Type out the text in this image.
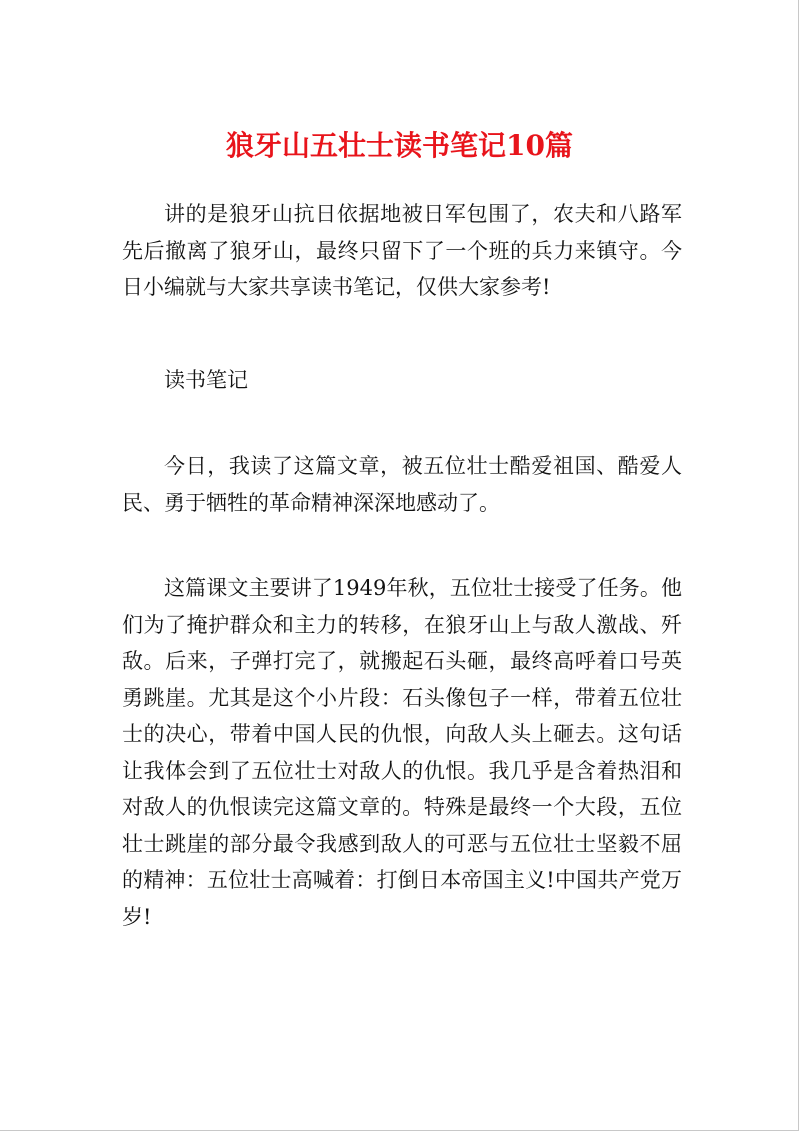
狼牙山五壮士读书笔记10篇

讲的是狼牙山抗日依据地被日军包围了，农夫和八路军先后撤离了狼牙山，最终只留下了一个班的兵力来镇守。今日小编就与大家共享读书笔记，仅供大家参考!

读书笔记

今日，我读了这篇文章，被五位壮士酷爱祖国、酷爱人民、勇于牺牲的革命精神深深地感动了。

这篇课文主要讲了1949年秋，五位壮士接受了任务。他们为了掩护群众和主力的转移，在狼牙山上与敌人激战、歼敌。后来，子弹打完了，就搬起石头砸，最终高呼着口号英勇跳崖。尤其是这个小片段：石头像包子一样，带着五位壮士的决心，带着中国人民的仇恨，向敌人头上砸去。这句话让我体会到了五位壮士对敌人的仇恨。我几乎是含着热泪和对敌人的仇恨读完这篇文章的。特殊是最终一个大段，五位壮士跳崖的部分最令我感到敌人的可恶与五位壮士坚毅不屈的精神：五位壮士高喊着：打倒日本帝国主义!中国共产党万岁!
